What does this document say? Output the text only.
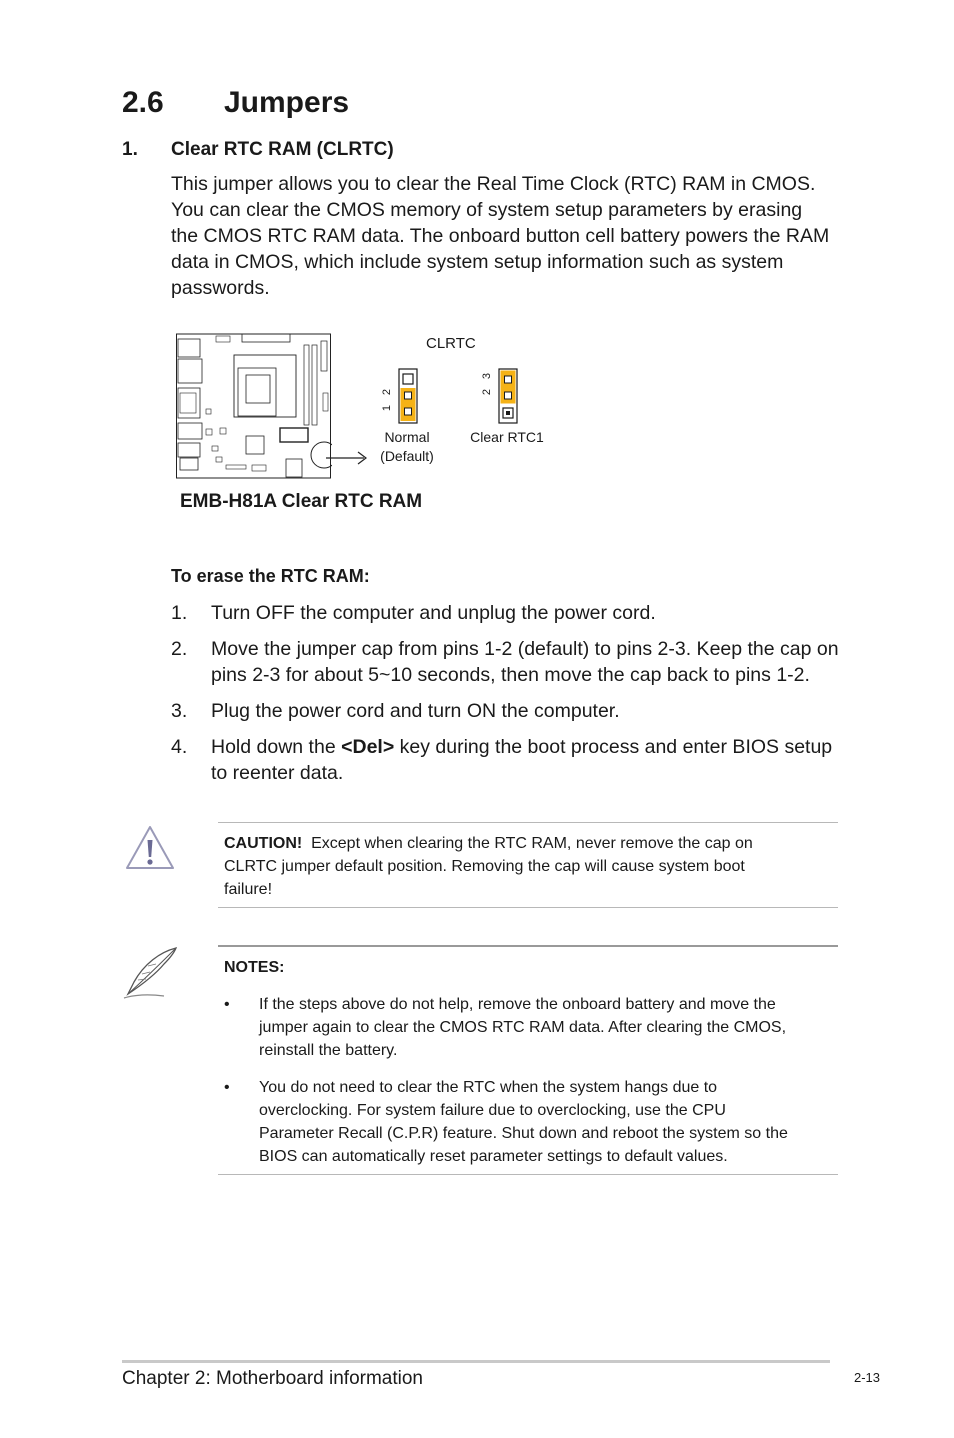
2.6 Jumpers
1. Clear RTC RAM (CLRTC)
This jumper allows you to clear the Real Time Clock (RTC) RAM in CMOS.
You can clear the CMOS memory of system setup parameters by erasing
the CMOS RTC RAM data. The onboard button cell battery powers the RAM
data in CMOS, which include system setup information such as system
passwords.
CLRTC
1
2
Normal
(Default)
2
3
Clear RTC1
EMB-H81A Clear RTC RAM
To erase the RTC RAM:
1. Turn OFF the computer and unplug the power cord.
2. Move the jumper cap from pins 1-2 (default) to pins 2-3. Keep the cap on
pins 2-3 for about 5~10 seconds, then move the cap back to pins 1-2.
3. Plug the power cord and turn ON the computer.
4. Hold down the <Del> key during the boot process and enter BIOS setup
to reenter data.
CAUTION!  Except when clearing the RTC RAM, never remove the cap on
CLRTC jumper default position. Removing the cap will cause system boot
failure!
NOTES:
• If the steps above do not help, remove the onboard battery and move the
jumper again to clear the CMOS RTC RAM data. After clearing the CMOS,
reinstall the battery.
• You do not need to clear the RTC when the system hangs due to
overclocking. For system failure due to overclocking, use the CPU
Parameter Recall (C.P.R) feature. Shut down and reboot the system so the
BIOS can automatically reset parameter settings to default values.
Chapter 2: Motherboard information	2-13
